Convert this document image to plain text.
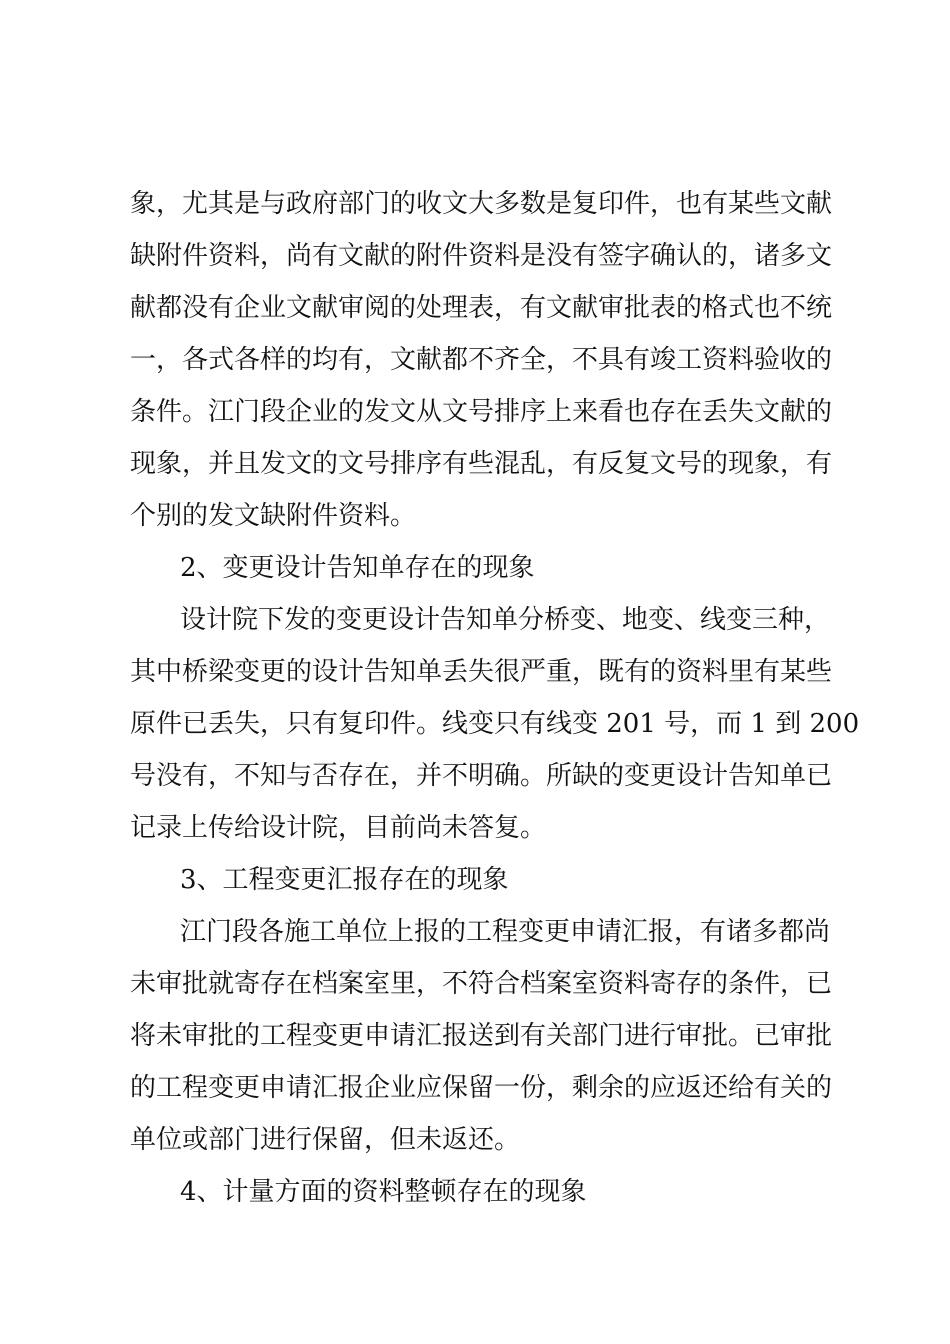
象，尤其是与政府部门的收文大多数是复印件，也有某些文献
缺附件资料，尚有文献的附件资料是没有签字确认的，诸多文
献都没有企业文献审阅的处理表，有文献审批表的格式也不统
一，各式各样的均有，文献都不齐全，不具有竣工资料验收的
条件。江门段企业的发文从文号排序上来看也存在丢失文献的
现象，并且发文的文号排序有些混乱，有反复文号的现象，有
个别的发文缺附件资料。
2、变更设计告知单存在的现象
设计院下发的变更设计告知单分桥变、地变、线变三种，
其中桥梁变更的设计告知单丢失很严重，既有的资料里有某些
原件已丢失，只有复印件。线变只有线变 201 号，而 1 到 200
号没有，不知与否存在，并不明确。所缺的变更设计告知单已
记录上传给设计院，目前尚未答复。
3、工程变更汇报存在的现象
江门段各施工单位上报的工程变更申请汇报，有诸多都尚
未审批就寄存在档案室里，不符合档案室资料寄存的条件，已
将未审批的工程变更申请汇报送到有关部门进行审批。已审批
的工程变更申请汇报企业应保留一份，剩余的应返还给有关的
单位或部门进行保留，但未返还。
4、计量方面的资料整顿存在的现象
